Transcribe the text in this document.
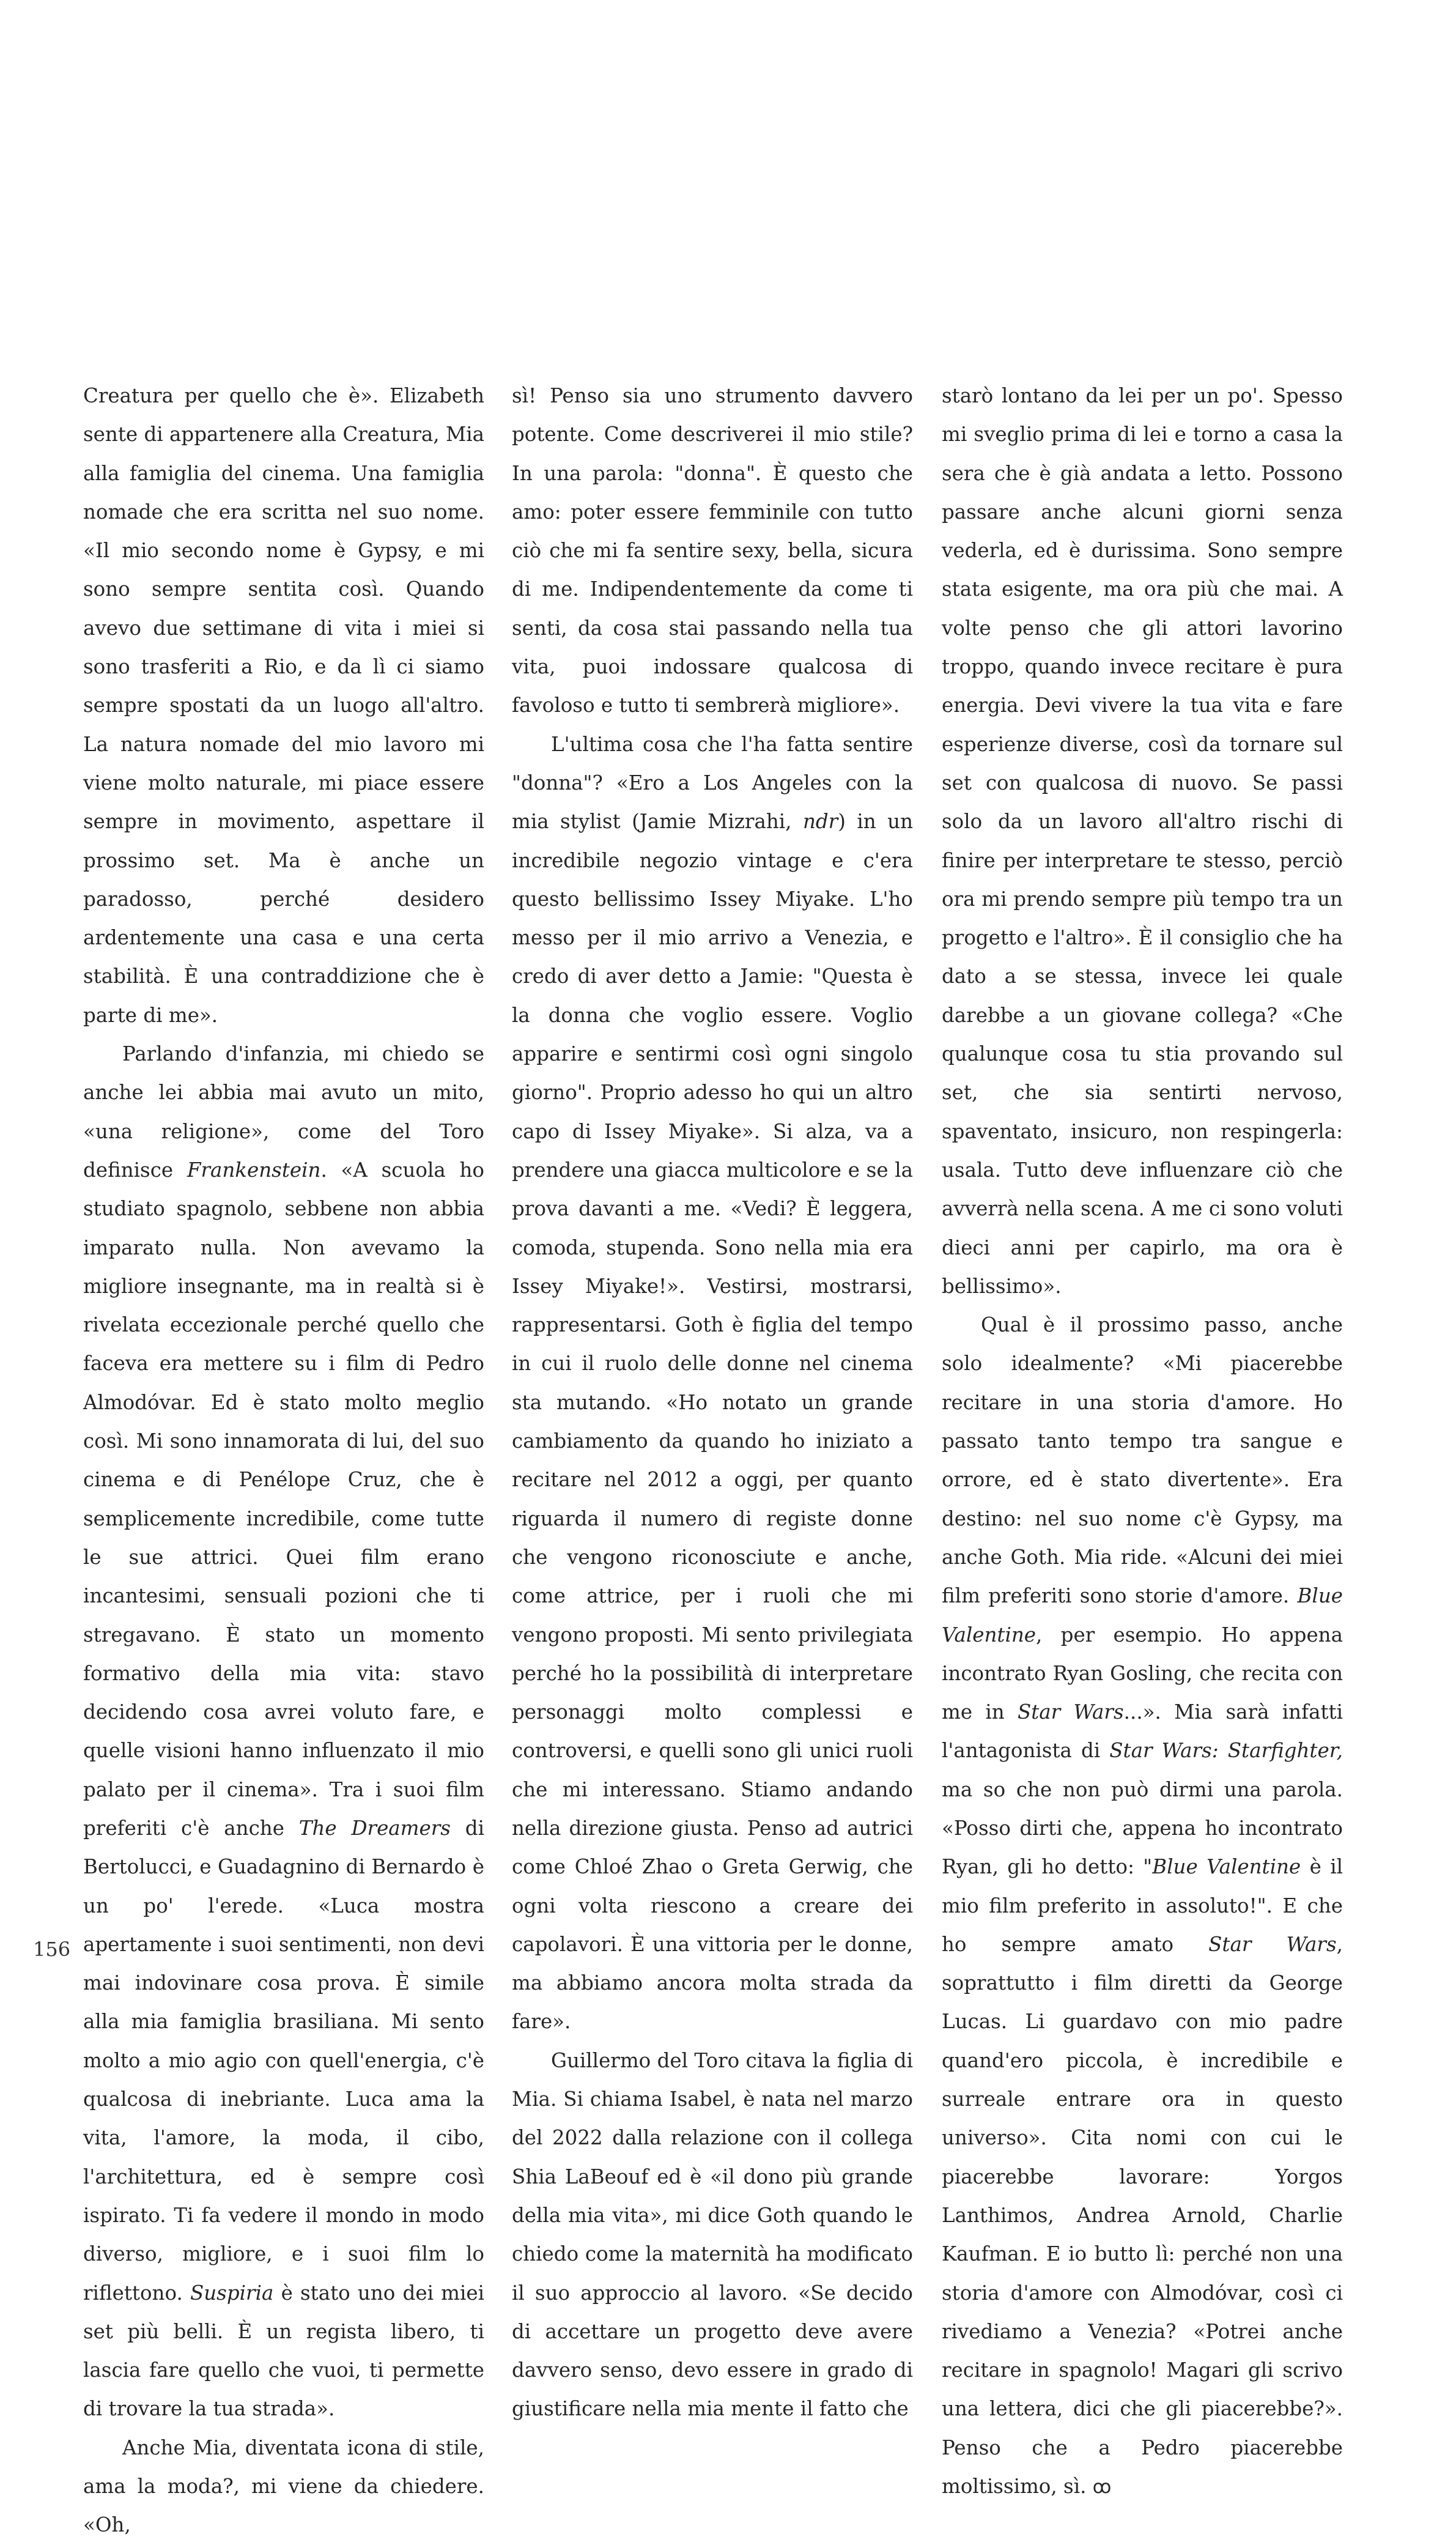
Creatura per quello che è». Elizabeth sente di appartenere alla Creatura, Mia alla famiglia del cinema. Una famiglia nomade che era scritta nel suo nome. «Il mio secondo nome è Gypsy, e mi sono sempre sentita così. Quando avevo due settimane di vita i miei si sono trasferiti a Rio, e da lì ci siamo sempre spostati da un luogo all'altro. La natura nomade del mio lavoro mi viene molto naturale, mi piace essere sempre in movimento, aspettare il prossimo set. Ma è anche un paradosso, perché desidero ardentemente una casa e una certa stabilità. È una contraddizione che è parte di me».

Parlando d'infanzia, mi chiedo se anche lei abbia mai avuto un mito, «una religione», come del Toro definisce Frankenstein. «A scuola ho studiato spagnolo, sebbene non abbia imparato nulla. Non avevamo la migliore insegnante, ma in realtà si è rivelata eccezionale perché quello che faceva era mettere su i film di Pedro Almodóvar. Ed è stato molto meglio così. Mi sono innamorata di lui, del suo cinema e di Penélope Cruz, che è semplicemente incredibile, come tutte le sue attrici. Quei film erano incantesimi, sensuali pozioni che ti stregavano. È stato un momento formativo della mia vita: stavo decidendo cosa avrei voluto fare, e quelle visioni hanno influenzato il mio palato per il cinema». Tra i suoi film preferiti c'è anche The Dreamers di Bertolucci, e Guadagnino di Bernardo è un po' l'erede. «Luca mostra apertamente i suoi sentimenti, non devi mai indovinare cosa prova. È simile alla mia famiglia brasiliana. Mi sento molto a mio agio con quell'energia, c'è qualcosa di inebriante. Luca ama la vita, l'amore, la moda, il cibo, l'architettura, ed è sempre così ispirato. Ti fa vedere il mondo in modo diverso, migliore, e i suoi film lo riflettono. Suspiria è stato uno dei miei set più belli. È un regista libero, ti lascia fare quello che vuoi, ti permette di trovare la tua strada».

Anche Mia, diventata icona di stile, ama la moda?, mi viene da chiedere. «Oh,

sì! Penso sia uno strumento davvero potente. Come descriverei il mio stile? In una parola: "donna". È questo che amo: poter essere femminile con tutto ciò che mi fa sentire sexy, bella, sicura di me. Indipendentemente da come ti senti, da cosa stai passando nella tua vita, puoi indossare qualcosa di favoloso e tutto ti sembrerà migliore».

L'ultima cosa che l'ha fatta sentire "donna"? «Ero a Los Angeles con la mia stylist (Jamie Mizrahi, ndr) in un incredibile negozio vintage e c'era questo bellissimo Issey Miyake. L'ho messo per il mio arrivo a Venezia, e credo di aver detto a Jamie: "Questa è la donna che voglio essere. Voglio apparire e sentirmi così ogni singolo giorno". Proprio adesso ho qui un altro capo di Issey Miyake». Si alza, va a prendere una giacca multicolore e se la prova davanti a me. «Vedi? È leggera, comoda, stupenda. Sono nella mia era Issey Miyake!». Vestirsi, mostrarsi, rappresentarsi. Goth è figlia del tempo in cui il ruolo delle donne nel cinema sta mutando. «Ho notato un grande cambiamento da quando ho iniziato a recitare nel 2012 a oggi, per quanto riguarda il numero di registe donne che vengono riconosciute e anche, come attrice, per i ruoli che mi vengono proposti. Mi sento privilegiata perché ho la possibilità di interpretare personaggi molto complessi e controversi, e quelli sono gli unici ruoli che mi interessano. Stiamo andando nella direzione giusta. Penso ad autrici come Chloé Zhao o Greta Gerwig, che ogni volta riescono a creare dei capolavori. È una vittoria per le donne, ma abbiamo ancora molta strada da fare».

Guillermo del Toro citava la figlia di Mia. Si chiama Isabel, è nata nel marzo del 2022 dalla relazione con il collega Shia LaBeouf ed è «il dono più grande della mia vita», mi dice Goth quando le chiedo come la maternità ha modificato il suo approccio al lavoro. «Se decido di accettare un progetto deve avere davvero senso, devo essere in grado di giustificare nella mia mente il fatto che

starò lontano da lei per un po'. Spesso mi sveglio prima di lei e torno a casa la sera che è già andata a letto. Possono passare anche alcuni giorni senza vederla, ed è durissima. Sono sempre stata esigente, ma ora più che mai. A volte penso che gli attori lavorino troppo, quando invece recitare è pura energia. Devi vivere la tua vita e fare esperienze diverse, così da tornare sul set con qualcosa di nuovo. Se passi solo da un lavoro all'altro rischi di finire per interpretare te stesso, perciò ora mi prendo sempre più tempo tra un progetto e l'altro». È il consiglio che ha dato a se stessa, invece lei quale darebbe a un giovane collega? «Che qualunque cosa tu stia provando sul set, che sia sentirti nervoso, spaventato, insicuro, non respingerla: usala. Tutto deve influenzare ciò che avverrà nella scena. A me ci sono voluti dieci anni per capirlo, ma ora è bellissimo».

Qual è il prossimo passo, anche solo idealmente? «Mi piacerebbe recitare in una storia d'amore. Ho passato tanto tempo tra sangue e orrore, ed è stato divertente». Era destino: nel suo nome c'è Gypsy, ma anche Goth. Mia ride. «Alcuni dei miei film preferiti sono storie d'amore. Blue Valentine, per esempio. Ho appena incontrato Ryan Gosling, che recita con me in Star Wars...». Mia sarà infatti l'antagonista di Star Wars: Starfighter, ma so che non può dirmi una parola. «Posso dirti che, appena ho incontrato Ryan, gli ho detto: "Blue Valentine è il mio film preferito in assoluto!". E che ho sempre amato Star Wars, soprattutto i film diretti da George Lucas. Li guardavo con mio padre quand'ero piccola, è incredibile e surreale entrare ora in questo universo». Cita nomi con cui le piacerebbe lavorare: Yorgos Lanthimos, Andrea Arnold, Charlie Kaufman. E io butto lì: perché non una storia d'amore con Almodóvar, così ci rivediamo a Venezia? «Potrei anche recitare in spagnolo! Magari gli scrivo una lettera, dici che gli piacerebbe?». Penso che a Pedro piacerebbe moltissimo, sì. ꝏ

156
